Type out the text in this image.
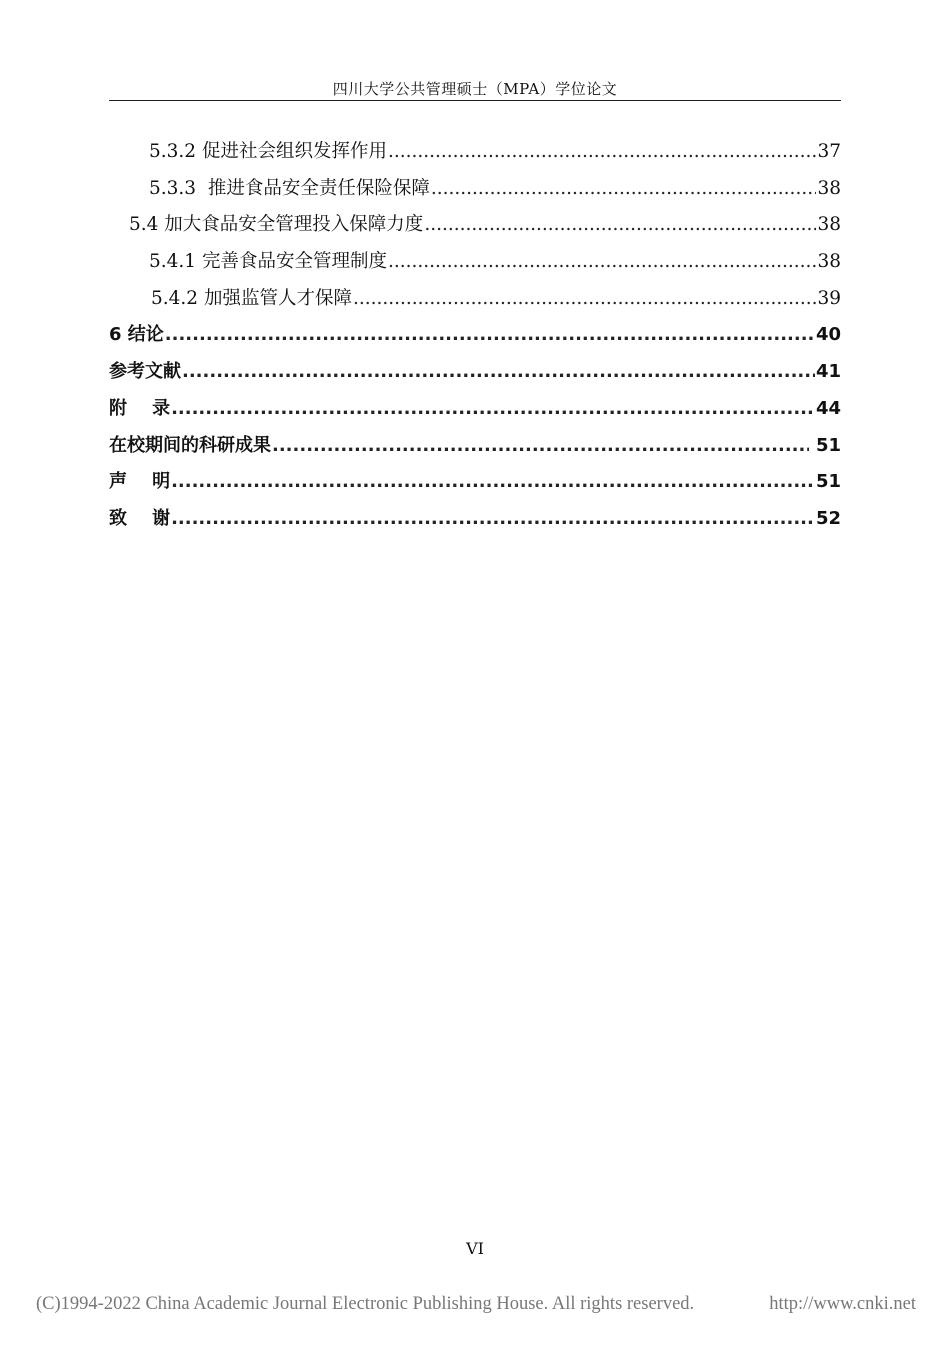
四川大学公共管理硕士（MPA）学位论文
5.3.2 促进社会组织发挥作用 .....	37
5.3.3  推进食品安全责任保险保障 .....	38
5.4 加大食品安全管理投入保障力度 .....	38
5.4.1 完善食品安全管理制度 .....	38
5.4.2 加强监管人才保障 .....	39
6 结论 .....	40
参考文献 .....	41
附    录 .....	44
在校期间的科研成果 .....	51
声    明 .....	51
致    谢 .....	52
VI
(C)1994-2022 China Academic Journal Electronic Publishing House. All rights reserved.	http://www.cnki.net
